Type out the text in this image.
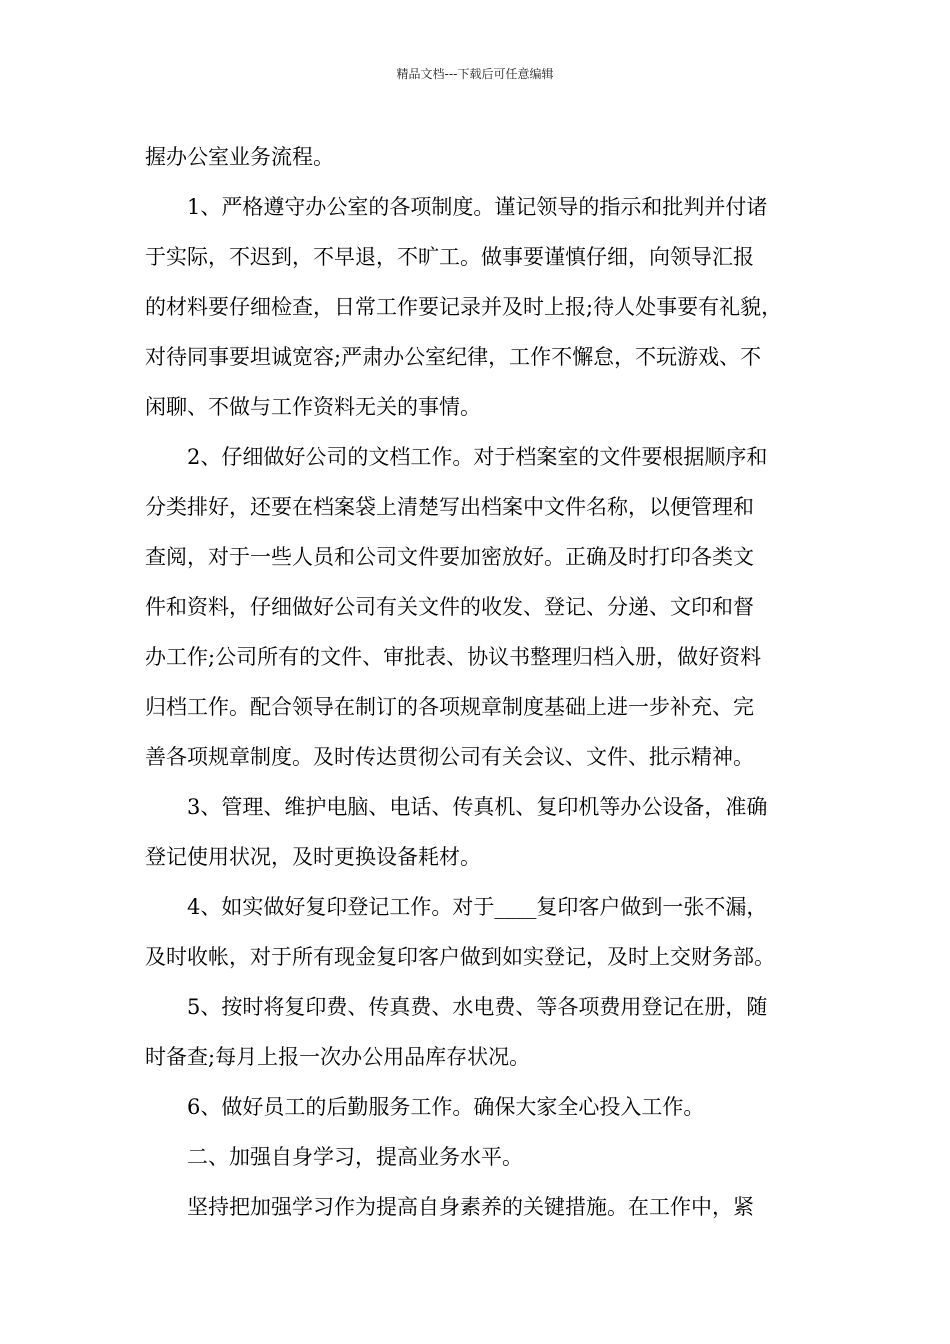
精品文档---下载后可任意编辑
握办公室业务流程。
1、严格遵守办公室的各项制度。谨记领导的指示和批判并付诸
于实际，不迟到，不早退，不旷工。做事要谨慎仔细，向领导汇报
的材料要仔细检查，日常工作要记录并及时上报;待人处事要有礼貌，
对待同事要坦诚宽容;严肃办公室纪律，工作不懈怠，不玩游戏、不
闲聊、不做与工作资料无关的事情。
2、仔细做好公司的文档工作。对于档案室的文件要根据顺序和
分类排好，还要在档案袋上清楚写出档案中文件名称，以便管理和
查阅，对于一些人员和公司文件要加密放好。正确及时打印各类文
件和资料，仔细做好公司有关文件的收发、登记、分递、文印和督
办工作;公司所有的文件、审批表、协议书整理归档入册，做好资料
归档工作。配合领导在制订的各项规章制度基础上进一步补充、完
善各项规章制度。及时传达贯彻公司有关会议、文件、批示精神。
3、管理、维护电脑、电话、传真机、复印机等办公设备，准确
登记使用状况，及时更换设备耗材。
4、如实做好复印登记工作。对于____复印客户做到一张不漏，
及时收帐，对于所有现金复印客户做到如实登记，及时上交财务部。
5、按时将复印费、传真费、水电费、等各项费用登记在册，随
时备查;每月上报一次办公用品库存状况。
6、做好员工的后勤服务工作。确保大家全心投入工作。
二、加强自身学习，提高业务水平。
坚持把加强学习作为提高自身素养的关键措施。在工作中，紧
